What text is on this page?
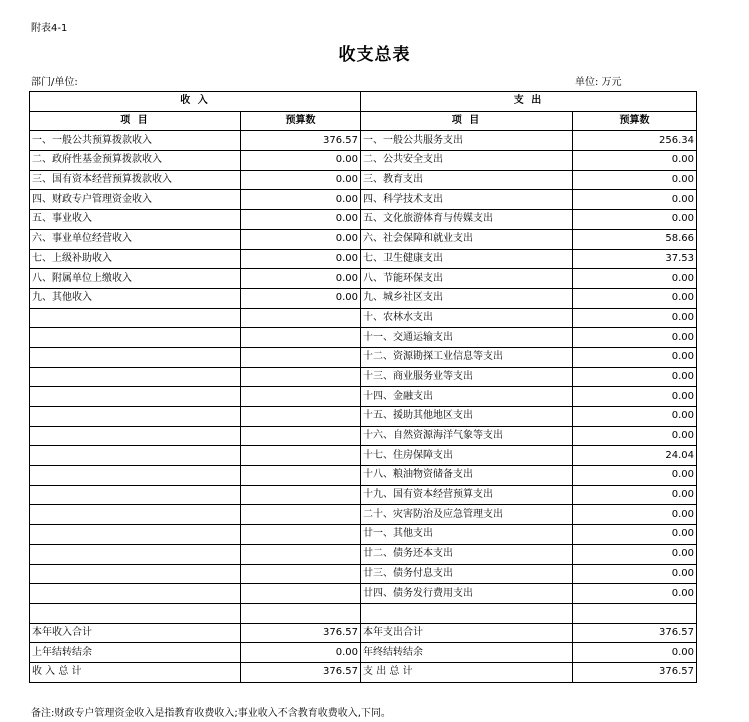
附表4-1
收支总表
部门/单位:	单位: 万元
收 入		支 出	
项 目	预算数	项 目	预算数
一、一般公共预算拨款收入	376.57	一、一般公共服务支出	256.34
二、政府性基金预算拨款收入	0.00	二、公共安全支出	0.00
三、国有资本经营预算拨款收入	0.00	三、教育支出	0.00
四、财政专户管理资金收入	0.00	四、科学技术支出	0.00
五、事业收入	0.00	五、文化旅游体育与传媒支出	0.00
六、事业单位经营收入	0.00	六、社会保障和就业支出	58.66
七、上级补助收入	0.00	七、卫生健康支出	37.53
八、附属单位上缴收入	0.00	八、节能环保支出	0.00
九、其他收入	0.00	九、城乡社区支出	0.00
		十、农林水支出	0.00
		十一、交通运输支出	0.00
		十二、资源勘探工业信息等支出	0.00
		十三、商业服务业等支出	0.00
		十四、金融支出	0.00
		十五、援助其他地区支出	0.00
		十六、自然资源海洋气象等支出	0.00
		十七、住房保障支出	24.04
		十八、粮油物资储备支出	0.00
		十九、国有资本经营预算支出	0.00
		二十、灾害防治及应急管理支出	0.00
		廿一、其他支出	0.00
		廿二、债务还本支出	0.00
		廿三、债务付息支出	0.00
		廿四、债务发行费用支出	0.00

本年收入合计	376.57	本年支出合计	376.57
上年结转结余	0.00	年终结转结余	0.00
收 入 总 计	376.57	支 出 总 计	376.57
备注:财政专户管理资金收入是指教育收费收入;事业收入不含教育收费收入,下同。
